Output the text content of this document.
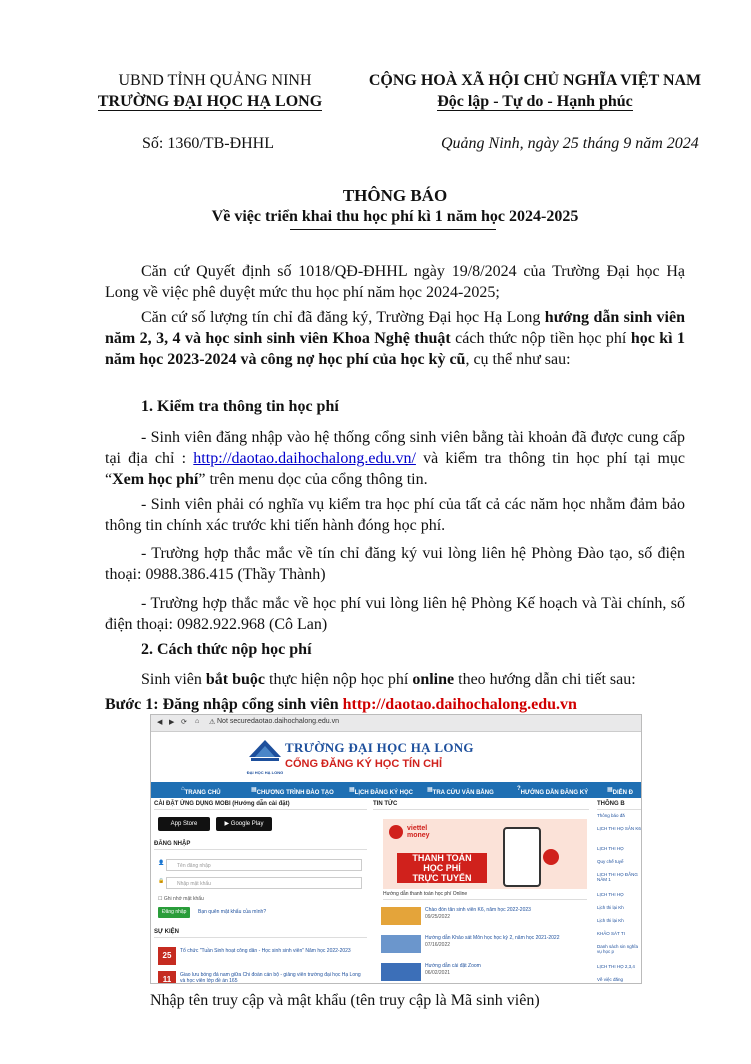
UBND TỈNH QUẢNG NINH
TRƯỜNG ĐẠI HỌC HẠ LONG
CỘNG HOÀ XÃ HỘI CHỦ NGHĨA VIỆT NAM
Độc lập - Tự do - Hạnh phúc
Số: 1360/TB-ĐHHL	Quảng Ninh, ngày 25 tháng 9 năm 2024
THÔNG BÁO
Về việc triển khai thu học phí kì 1 năm học 2024-2025
Căn cứ Quyết định số 1018/QĐ-ĐHHL ngày 19/8/2024 của Trường Đại học Hạ Long về việc phê duyệt mức thu học phí năm học 2024-2025;
Căn cứ số lượng tín chỉ đã đăng ký, Trường Đại học Hạ Long hướng dẫn sinh viên năm 2, 3, 4 và học sinh sinh viên Khoa Nghệ thuật cách thức nộp tiền học phí học kì 1 năm học 2023-2024 và công nợ học phí của học kỳ cũ, cụ thể như sau:
1. Kiểm tra thông tin học phí
- Sinh viên đăng nhập vào hệ thống cổng sinh viên bằng tài khoản đã được cung cấp tại địa chỉ : http://daotao.daihochalong.edu.vn/ và kiểm tra thông tin học phí tại mục “Xem học phí” trên menu dọc của cổng thông tin.
- Sinh viên phải có nghĩa vụ kiểm tra học phí của tất cả các năm học nhằm đảm bảo thông tin chính xác trước khi tiến hành đóng học phí.
- Trường hợp thắc mắc về tín chỉ đăng ký vui lòng liên hệ Phòng Đào tạo, số điện thoại: 0988.386.415 (Thầy Thành)
- Trường hợp thắc mắc về học phí vui lòng liên hệ Phòng Kế hoạch và Tài chính, số điện thoại: 0982.922.968 (Cô Lan)
2. Cách thức nộp học phí
Sinh viên bắt buộc thực hiện nộp học phí online theo hướng dẫn chi tiết sau:
Bước 1: Đăng nhập cổng sinh viên http://daotao.daihochalong.edu.vn
◀ ▶ ⟳ ⌂ ⚠ Not secure daotao.daihochalong.edu.vn
ĐẠI HỌC HẠ LONG
TRƯỜNG ĐẠI HỌC HẠ LONG
CỔNG ĐĂNG KÝ HỌC TÍN CHỈ
⌂
TRANG CHỦ	▦ CHƯƠNG TRÌNH ĐÀO TẠO	▦ LỊCH ĐĂNG KÝ HỌC ▦ TRA CỨU VĂN BẰNG
?
HƯỚNG DẪN ĐĂNG KÝ	▦ DIỄN Đ
CÀI ĐẶT ỨNG DỤNG MOBI (Hướng dẫn cài đặt)
App Store	▶ Google Play
ĐĂNG NHẬP
Tên đăng nhập
👤
Nhập mật khẩu
🔒
☐ Ghi nhớ mật khẩu
Đăng nhập	Bạn quên mật khẩu của mình?
SỰ KIỆN
25	Tổ chức "Tuần Sinh hoạt công dân - Học sinh sinh viên" Năm học 2022-2023
11	Giao lưu bóng đá nam giữa Chi đoàn cán bộ - giảng viên trường đại học Hạ Long và học viên lớp đề án 165
TIN TỨC
viettel money
THANH TOÁN
HỌC PHÍ
TRỰC TUYẾN
Hướng dẫn thanh toán học phí Online
Chào đón tân sinh viên K6, năm học 2022-2023
09/25/2022
Hướng dẫn Khảo sát Môn học học kỳ 2, năm học 2021-2022
07/16/2022
Hướng dẫn cài đặt Zoom
06/02/2021
THÔNG B
Thông báo đă
LỊCH THI HỌ SẢN K6
LỊCH THI HỌ
Quy chế tuyể
LỊCH THI HỌ ĐẲNG NĂM 1
LỊCH THI HỌ
Lịch thi lại Kh
Lịch thi lại Kh
KHẢO SÁT TI
Danh sách sin nghĩa vụ học p
LỊCH THI HỌ 2,3,4
Về việc đăng
Nhập tên truy cập và mật khẩu (tên truy cập là Mã sinh viên)
